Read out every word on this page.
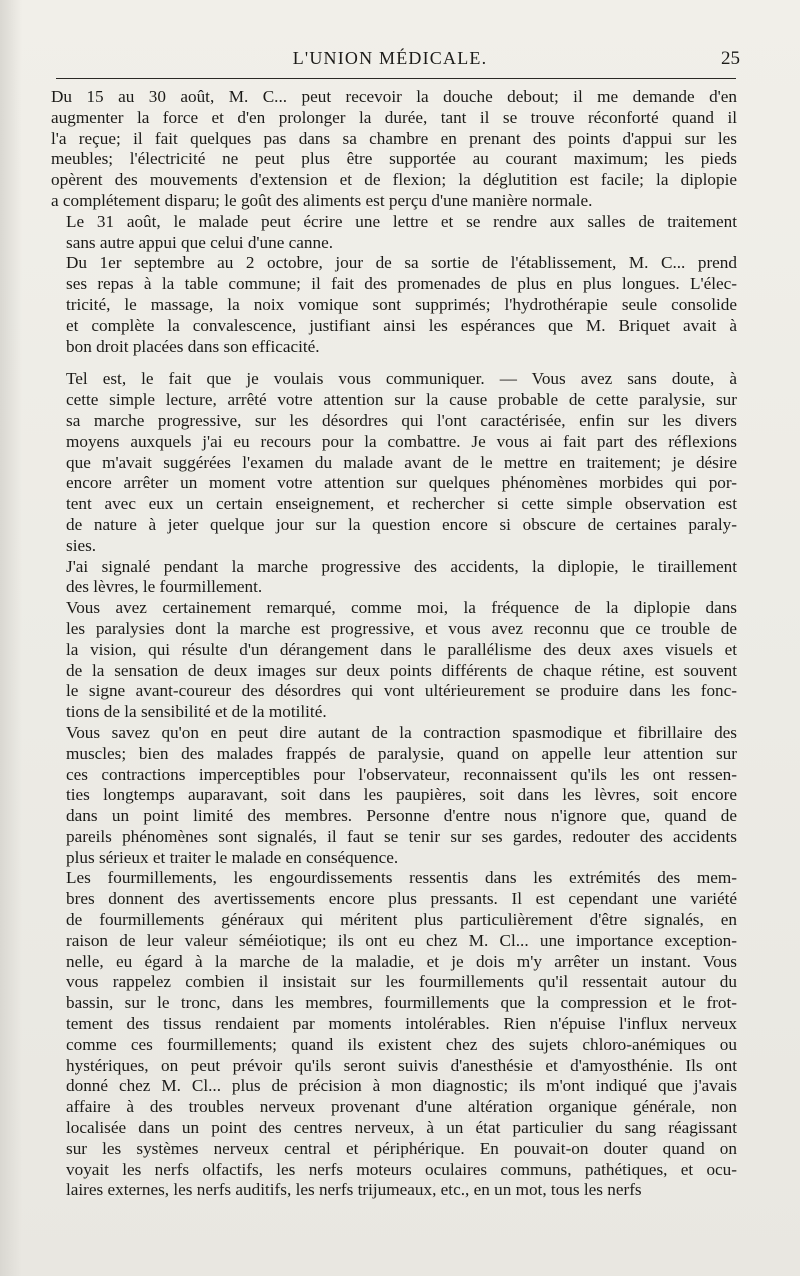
L'UNION MÉDICALE.	25
Du 15 au 30 août, M. C... peut recevoir la douche debout; il me demande d'en
augmenter la force et d'en prolonger la durée, tant il se trouve réconforté quand il
l'a reçue; il fait quelques pas dans sa chambre en prenant des points d'appui sur les
meubles; l'électricité ne peut plus être supportée au courant maximum; les pieds
opèrent des mouvements d'extension et de flexion; la déglutition est facile; la diplopie
a complétement disparu; le goût des aliments est perçu d'une manière normale.
Le 31 août, le malade peut écrire une lettre et se rendre aux salles de traitement
sans autre appui que celui d'une canne.
Du 1er septembre au 2 octobre, jour de sa sortie de l'établissement, M. C... prend
ses repas à la table commune; il fait des promenades de plus en plus longues. L'élec-
tricité, le massage, la noix vomique sont supprimés; l'hydrothérapie seule consolide
et complète la convalescence, justifiant ainsi les espérances que M. Briquet avait à
bon droit placées dans son efficacité.
Tel est, le fait que je voulais vous communiquer. — Vous avez sans doute, à
cette simple lecture, arrêté votre attention sur la cause probable de cette paralysie, sur
sa marche progressive, sur les désordres qui l'ont caractérisée, enfin sur les divers
moyens auxquels j'ai eu recours pour la combattre. Je vous ai fait part des réflexions
que m'avait suggérées l'examen du malade avant de le mettre en traitement; je désire
encore arrêter un moment votre attention sur quelques phénomènes morbides qui por-
tent avec eux un certain enseignement, et rechercher si cette simple observation est
de nature à jeter quelque jour sur la question encore si obscure de certaines paraly-
sies.
J'ai signalé pendant la marche progressive des accidents, la diplopie, le tiraillement
des lèvres, le fourmillement.
Vous avez certainement remarqué, comme moi, la fréquence de la diplopie dans
les paralysies dont la marche est progressive, et vous avez reconnu que ce trouble de
la vision, qui résulte d'un dérangement dans le parallélisme des deux axes visuels et
de la sensation de deux images sur deux points différents de chaque rétine, est souvent
le signe avant-coureur des désordres qui vont ultérieurement se produire dans les fonc-
tions de la sensibilité et de la motilité.
Vous savez qu'on en peut dire autant de la contraction spasmodique et fibrillaire des
muscles; bien des malades frappés de paralysie, quand on appelle leur attention sur
ces contractions imperceptibles pour l'observateur, reconnaissent qu'ils les ont ressen-
ties longtemps auparavant, soit dans les paupières, soit dans les lèvres, soit encore
dans un point limité des membres. Personne d'entre nous n'ignore que, quand de
pareils phénomènes sont signalés, il faut se tenir sur ses gardes, redouter des accidents
plus sérieux et traiter le malade en conséquence.
Les fourmillements, les engourdissements ressentis dans les extrémités des mem-
bres donnent des avertissements encore plus pressants. Il est cependant une variété
de fourmillements généraux qui méritent plus particulièrement d'être signalés, en
raison de leur valeur séméiotique; ils ont eu chez M. Cl... une importance exception-
nelle, eu égard à la marche de la maladie, et je dois m'y arrêter un instant. Vous
vous rappelez combien il insistait sur les fourmillements qu'il ressentait autour du
bassin, sur le tronc, dans les membres, fourmillements que la compression et le frot-
tement des tissus rendaient par moments intolérables. Rien n'épuise l'influx nerveux
comme ces fourmillements; quand ils existent chez des sujets chloro-anémiques ou
hystériques, on peut prévoir qu'ils seront suivis d'anesthésie et d'amyosthénie. Ils ont
donné chez M. Cl... plus de précision à mon diagnostic; ils m'ont indiqué que j'avais
affaire à des troubles nerveux provenant d'une altération organique générale, non
localisée dans un point des centres nerveux, à un état particulier du sang réagissant
sur les systèmes nerveux central et périphérique. En pouvait-on douter quand on
voyait les nerfs olfactifs, les nerfs moteurs oculaires communs, pathétiques, et ocu-
laires externes, les nerfs auditifs, les nerfs trijumeaux, etc., en un mot, tous les nerfs
